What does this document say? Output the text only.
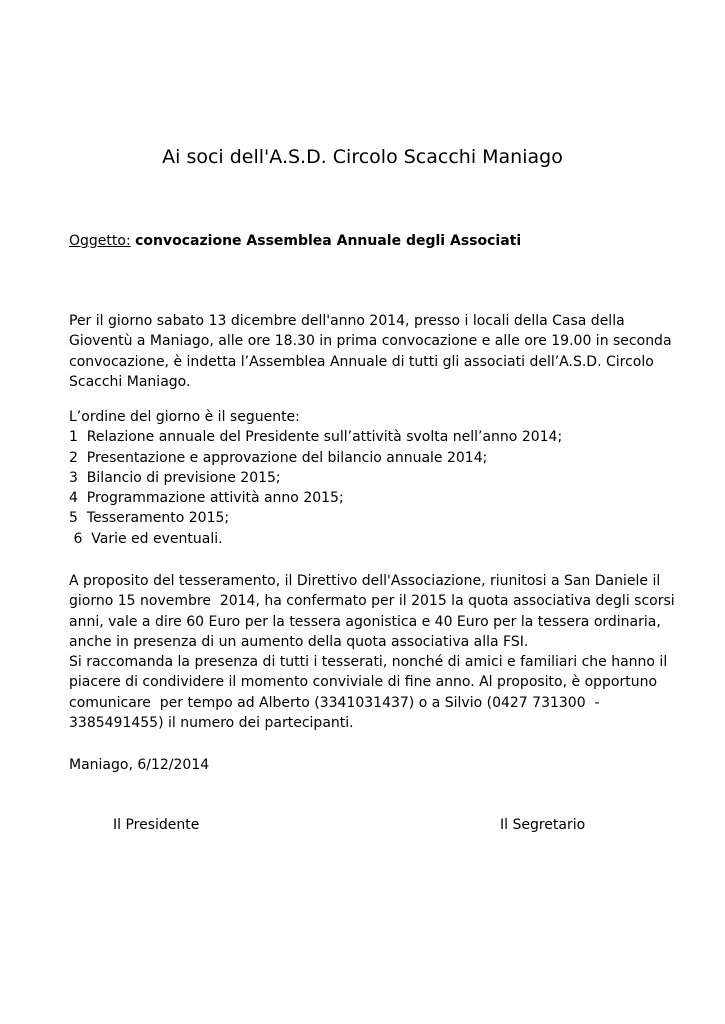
Ai soci dell'A.S.D. Circolo Scacchi Maniago
Oggetto: convocazione Assemblea Annuale degli Associati
Per il giorno sabato 13 dicembre dell'anno 2014, presso i locali della Casa della
Gioventù a Maniago, alle ore 18.30 in prima convocazione e alle ore 19.00 in seconda
convocazione, è indetta l’Assemblea Annuale di tutti gli associati dell’A.S.D. Circolo
Scacchi Maniago.
L’ordine del giorno è il seguente:
1  Relazione annuale del Presidente sull’attività svolta nell’anno 2014;
2  Presentazione e approvazione del bilancio annuale 2014;
3  Bilancio di previsione 2015;
4  Programmazione attività anno 2015;
5  Tesseramento 2015;
6  Varie ed eventuali.
A proposito del tesseramento, il Direttivo dell'Associazione, riunitosi a San Daniele il
giorno 15 novembre  2014, ha confermato per il 2015 la quota associativa degli scorsi
anni, vale a dire 60 Euro per la tessera agonistica e 40 Euro per la tessera ordinaria,
anche in presenza di un aumento della quota associativa alla FSI.
Si raccomanda la presenza di tutti i tesserati, nonché di amici e familiari che hanno il
piacere di condividere il momento conviviale di fine anno. Al proposito, è opportuno
comunicare  per tempo ad Alberto (3341031437) o a Silvio (0427 731300  -
3385491455) il numero dei partecipanti.
Maniago, 6/12/2014
Il Presidente	Il Segretario
